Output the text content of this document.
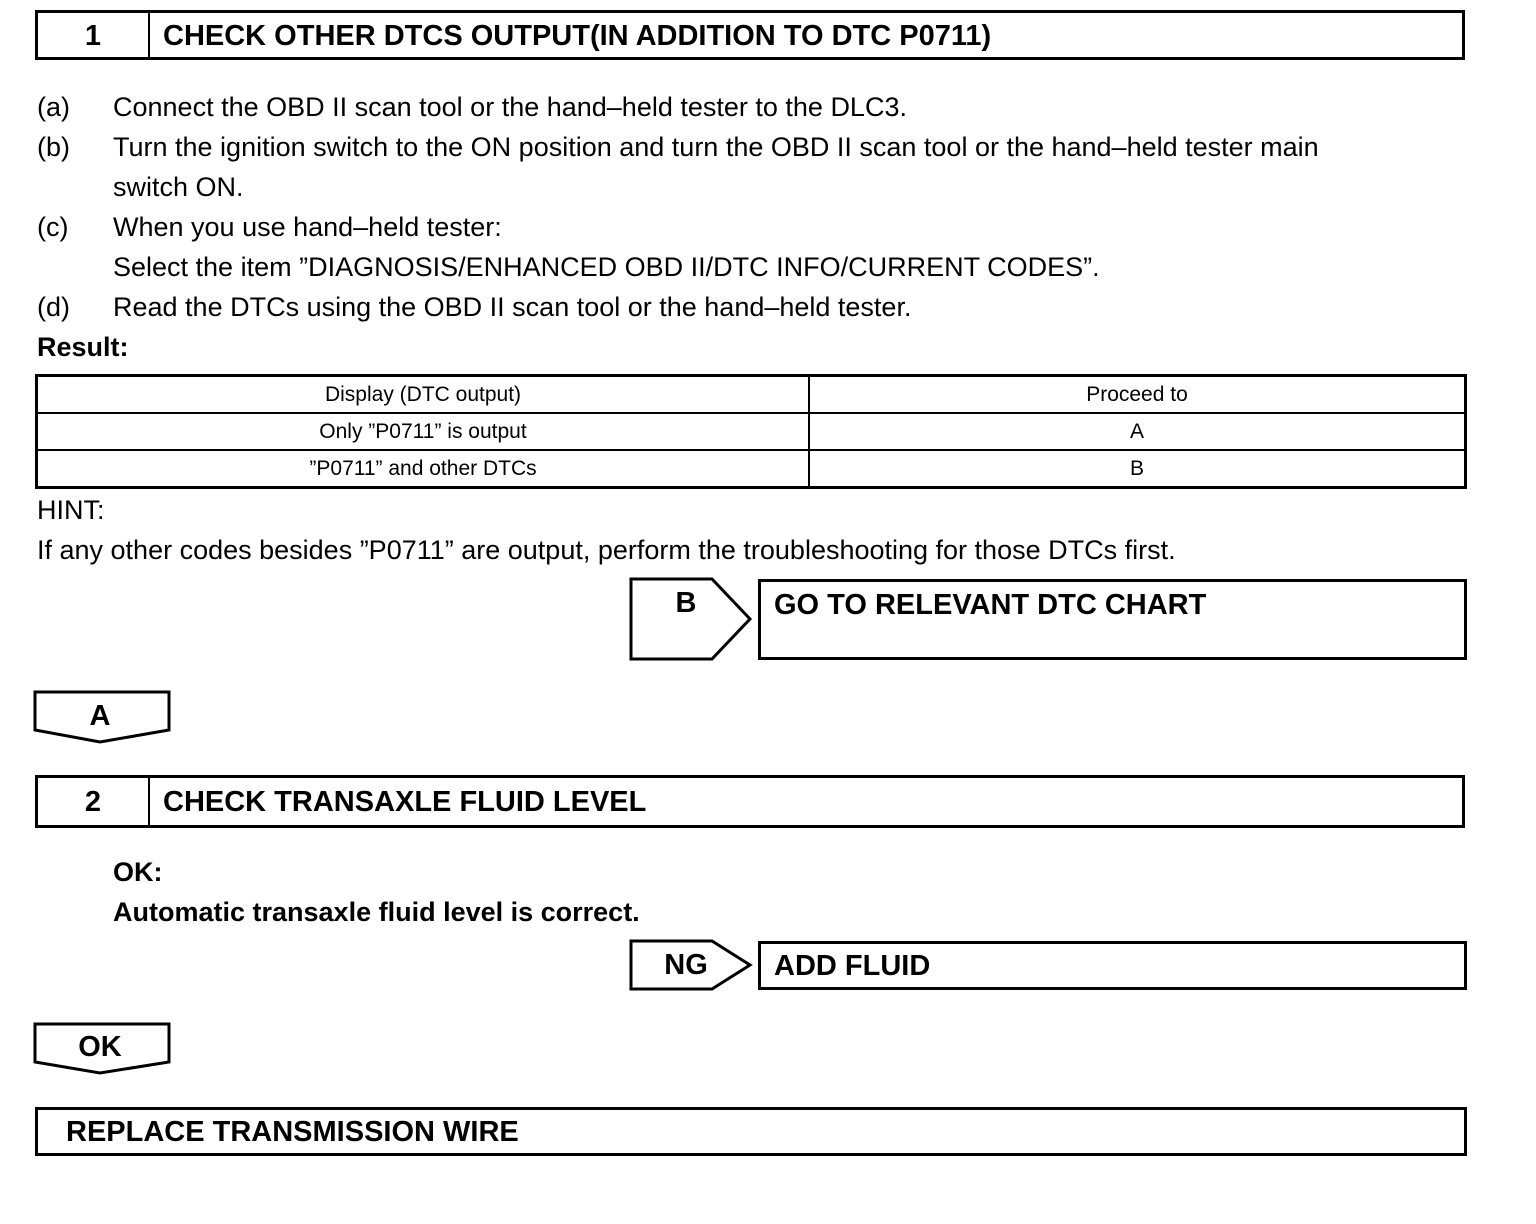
1	CHECK OTHER DTCS OUTPUT(IN ADDITION TO DTC P0711)
(a) Connect the OBD II scan tool or the hand–held tester to the DLC3.
(b) Turn the ignition switch to the ON position and turn the OBD II scan tool or the hand–held tester main
switch ON.
(c) When you use hand–held tester:
Select the item ”DIAGNOSIS/ENHANCED OBD II/DTC INFO/CURRENT CODES”.
(d) Read the DTCs using the OBD II scan tool or the hand–held tester.
Result:
Display (DTC output)	Proceed to
Only ”P0711” is output	A
”P0711” and other DTCs	B
HINT:
If any other codes besides ”P0711” are output, perform the troubleshooting for those DTCs first.
B	GO TO RELEVANT DTC CHART
A
2	CHECK TRANSAXLE FLUID LEVEL
OK:
Automatic transaxle fluid level is correct.
NG	ADD FLUID
OK
REPLACE TRANSMISSION WIRE
